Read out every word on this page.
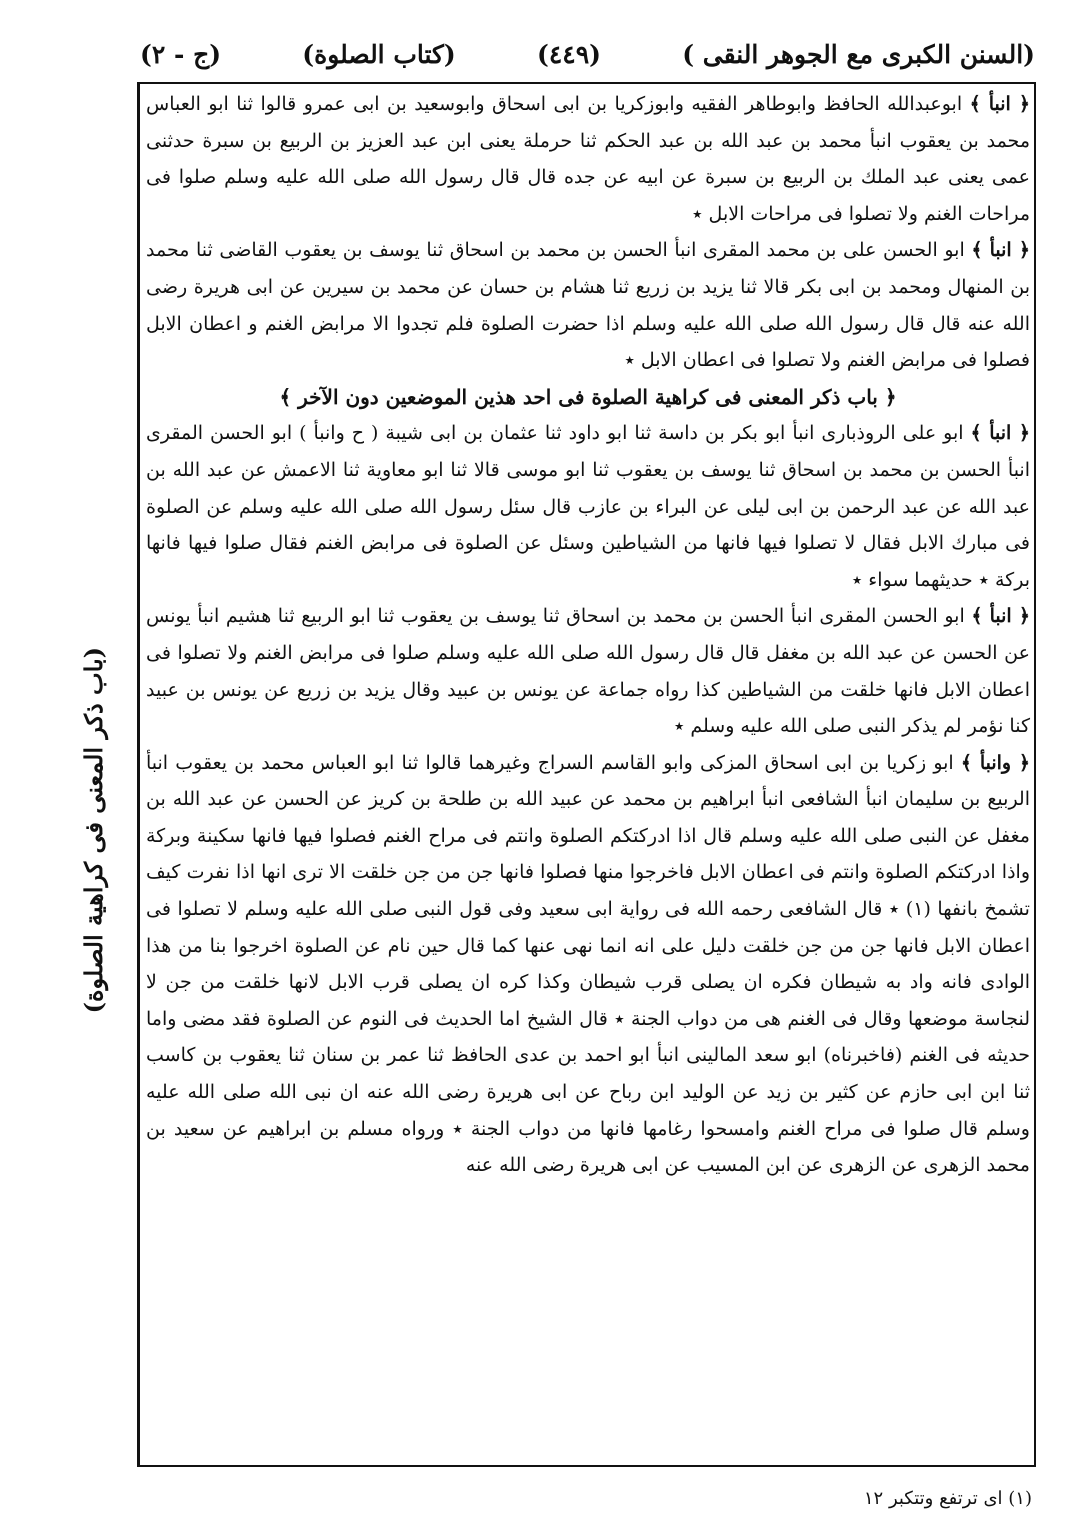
(السنن الکبرى مع الجوهر النقى )
(٤٤٩)
(کتاب الصلوة)
(ج - ٢)
(باب ذکر المعنى فى کراهية الصلوة)

﴿ انبأ ﴾ ابوعبدالله الحافظ وابوطاهر الفقيه وابوزكريا بن ابى اسحاق وابوسعيد بن ابى عمرو قالوا ثنا ابو العباس محمد بن يعقوب انبأ محمد بن عبد الله بن عبد الحكم ثنا حرملة يعنى ابن عبد العزيز بن الربيع بن سبرة حدثنى عمى يعنى عبد الملك بن الربيع بن سبرة عن ابيه عن جده قال قال رسول الله صلى الله عليه وسلم صلوا فى مراحات الغنم ولا تصلوا فى مراحات الابل ٭

﴿ انبأ ﴾ ابو الحسن على بن محمد المقرى انبأ الحسن بن محمد بن اسحاق ثنا يوسف بن يعقوب القاضى ثنا محمد بن المنهال ومحمد بن ابى بكر قالا ثنا يزيد بن زريع ثنا هشام بن حسان عن محمد بن سيرين عن ابى هريرة رضى الله عنه قال قال رسول الله صلى الله عليه وسلم اذا حضرت الصلوة فلم تجدوا الا مرابض الغنم و اعطان الابل فصلوا فى مرابض الغنم ولا تصلوا فى اعطان الابل ٭

﴿ باب ذکر المعنى فى کراهية الصلوة فى احد هذين الموضعين دون الآخر ﴾

﴿ انبأ ﴾ ابو على الروذبارى انبأ ابو بكر بن داسة ثنا ابو داود ثنا عثمان بن ابى شيبة ( ح وانبأ ) ابو الحسن المقرى انبأ الحسن بن محمد بن اسحاق ثنا يوسف بن يعقوب ثنا ابو موسى قالا ثنا ابو معاوية ثنا الاعمش عن عبد الله بن عبد الله عن عبد الرحمن بن ابى ليلى عن البراء بن عازب قال سئل رسول الله صلى الله عليه وسلم عن الصلوة فى مبارك الابل فقال لا تصلوا فيها فانها من الشياطين وسئل عن الصلوة فى مرابض الغنم فقال صلوا فيها فانها بركة ٭ حديثهما سواء ٭

﴿ انبأ ﴾ ابو الحسن المقرى انبأ الحسن بن محمد بن اسحاق ثنا يوسف بن يعقوب ثنا ابو الربيع ثنا هشيم انبأ يونس عن الحسن عن عبد الله بن مغفل قال قال رسول الله صلى الله عليه وسلم صلوا فى مرابض الغنم ولا تصلوا فى اعطان الابل فانها خلقت من الشياطين كذا رواه جماعة عن يونس بن عبيد وقال يزيد بن زريع عن يونس بن عبيد كنا نؤمر لم يذكر النبى صلى الله عليه وسلم ٭

﴿ وانبأ ﴾ ابو زكريا بن ابى اسحاق المزكى وابو القاسم السراج وغيرهما قالوا ثنا ابو العباس محمد بن يعقوب انبأ الربيع بن سليمان انبأ الشافعى انبأ ابراهيم بن محمد عن عبيد الله بن طلحة بن كريز عن الحسن عن عبد الله بن مغفل عن النبى صلى الله عليه وسلم قال اذا ادركتكم الصلوة وانتم فى مراح الغنم فصلوا فيها فانها سكينة وبركة واذا ادركتكم الصلوة وانتم فى اعطان الابل فاخرجوا منها فصلوا فانها جن من جن خلقت الا ترى انها اذا نفرت كيف تشمخ بانفها (١) ٭ قال الشافعى رحمه الله فى رواية ابى سعيد وفى قول النبى صلى الله عليه وسلم لا تصلوا فى اعطان الابل فانها جن من جن خلقت دليل على انه انما نهى عنها كما قال حين نام عن الصلوة اخرجوا بنا من هذا الوادى فانه واد به شيطان فكره ان يصلى قرب شيطان وكذا كره ان يصلى قرب الابل لانها خلقت من جن لا لنجاسة موضعها وقال فى الغنم هى من دواب الجنة ٭ قال الشيخ اما الحديث فى النوم عن الصلوة فقد مضى واما حديثه فى الغنم (فاخبرناه) ابو سعد المالينى انبأ ابو احمد بن عدى الحافظ ثنا عمر بن سنان ثنا يعقوب بن كاسب ثنا ابن ابى حازم عن كثير بن زيد عن الوليد ابن رباح عن ابى هريرة رضى الله عنه ان نبى الله صلى الله عليه وسلم قال صلوا فى مراح الغنم وامسحوا رغامها فانها من دواب الجنة ٭ ورواه مسلم بن ابراهيم عن سعيد بن محمد الزهرى عن الزهرى عن ابن المسيب عن ابى هريرة رضى الله عنه

(١) اى ترتفع وتتکبر ١٢
